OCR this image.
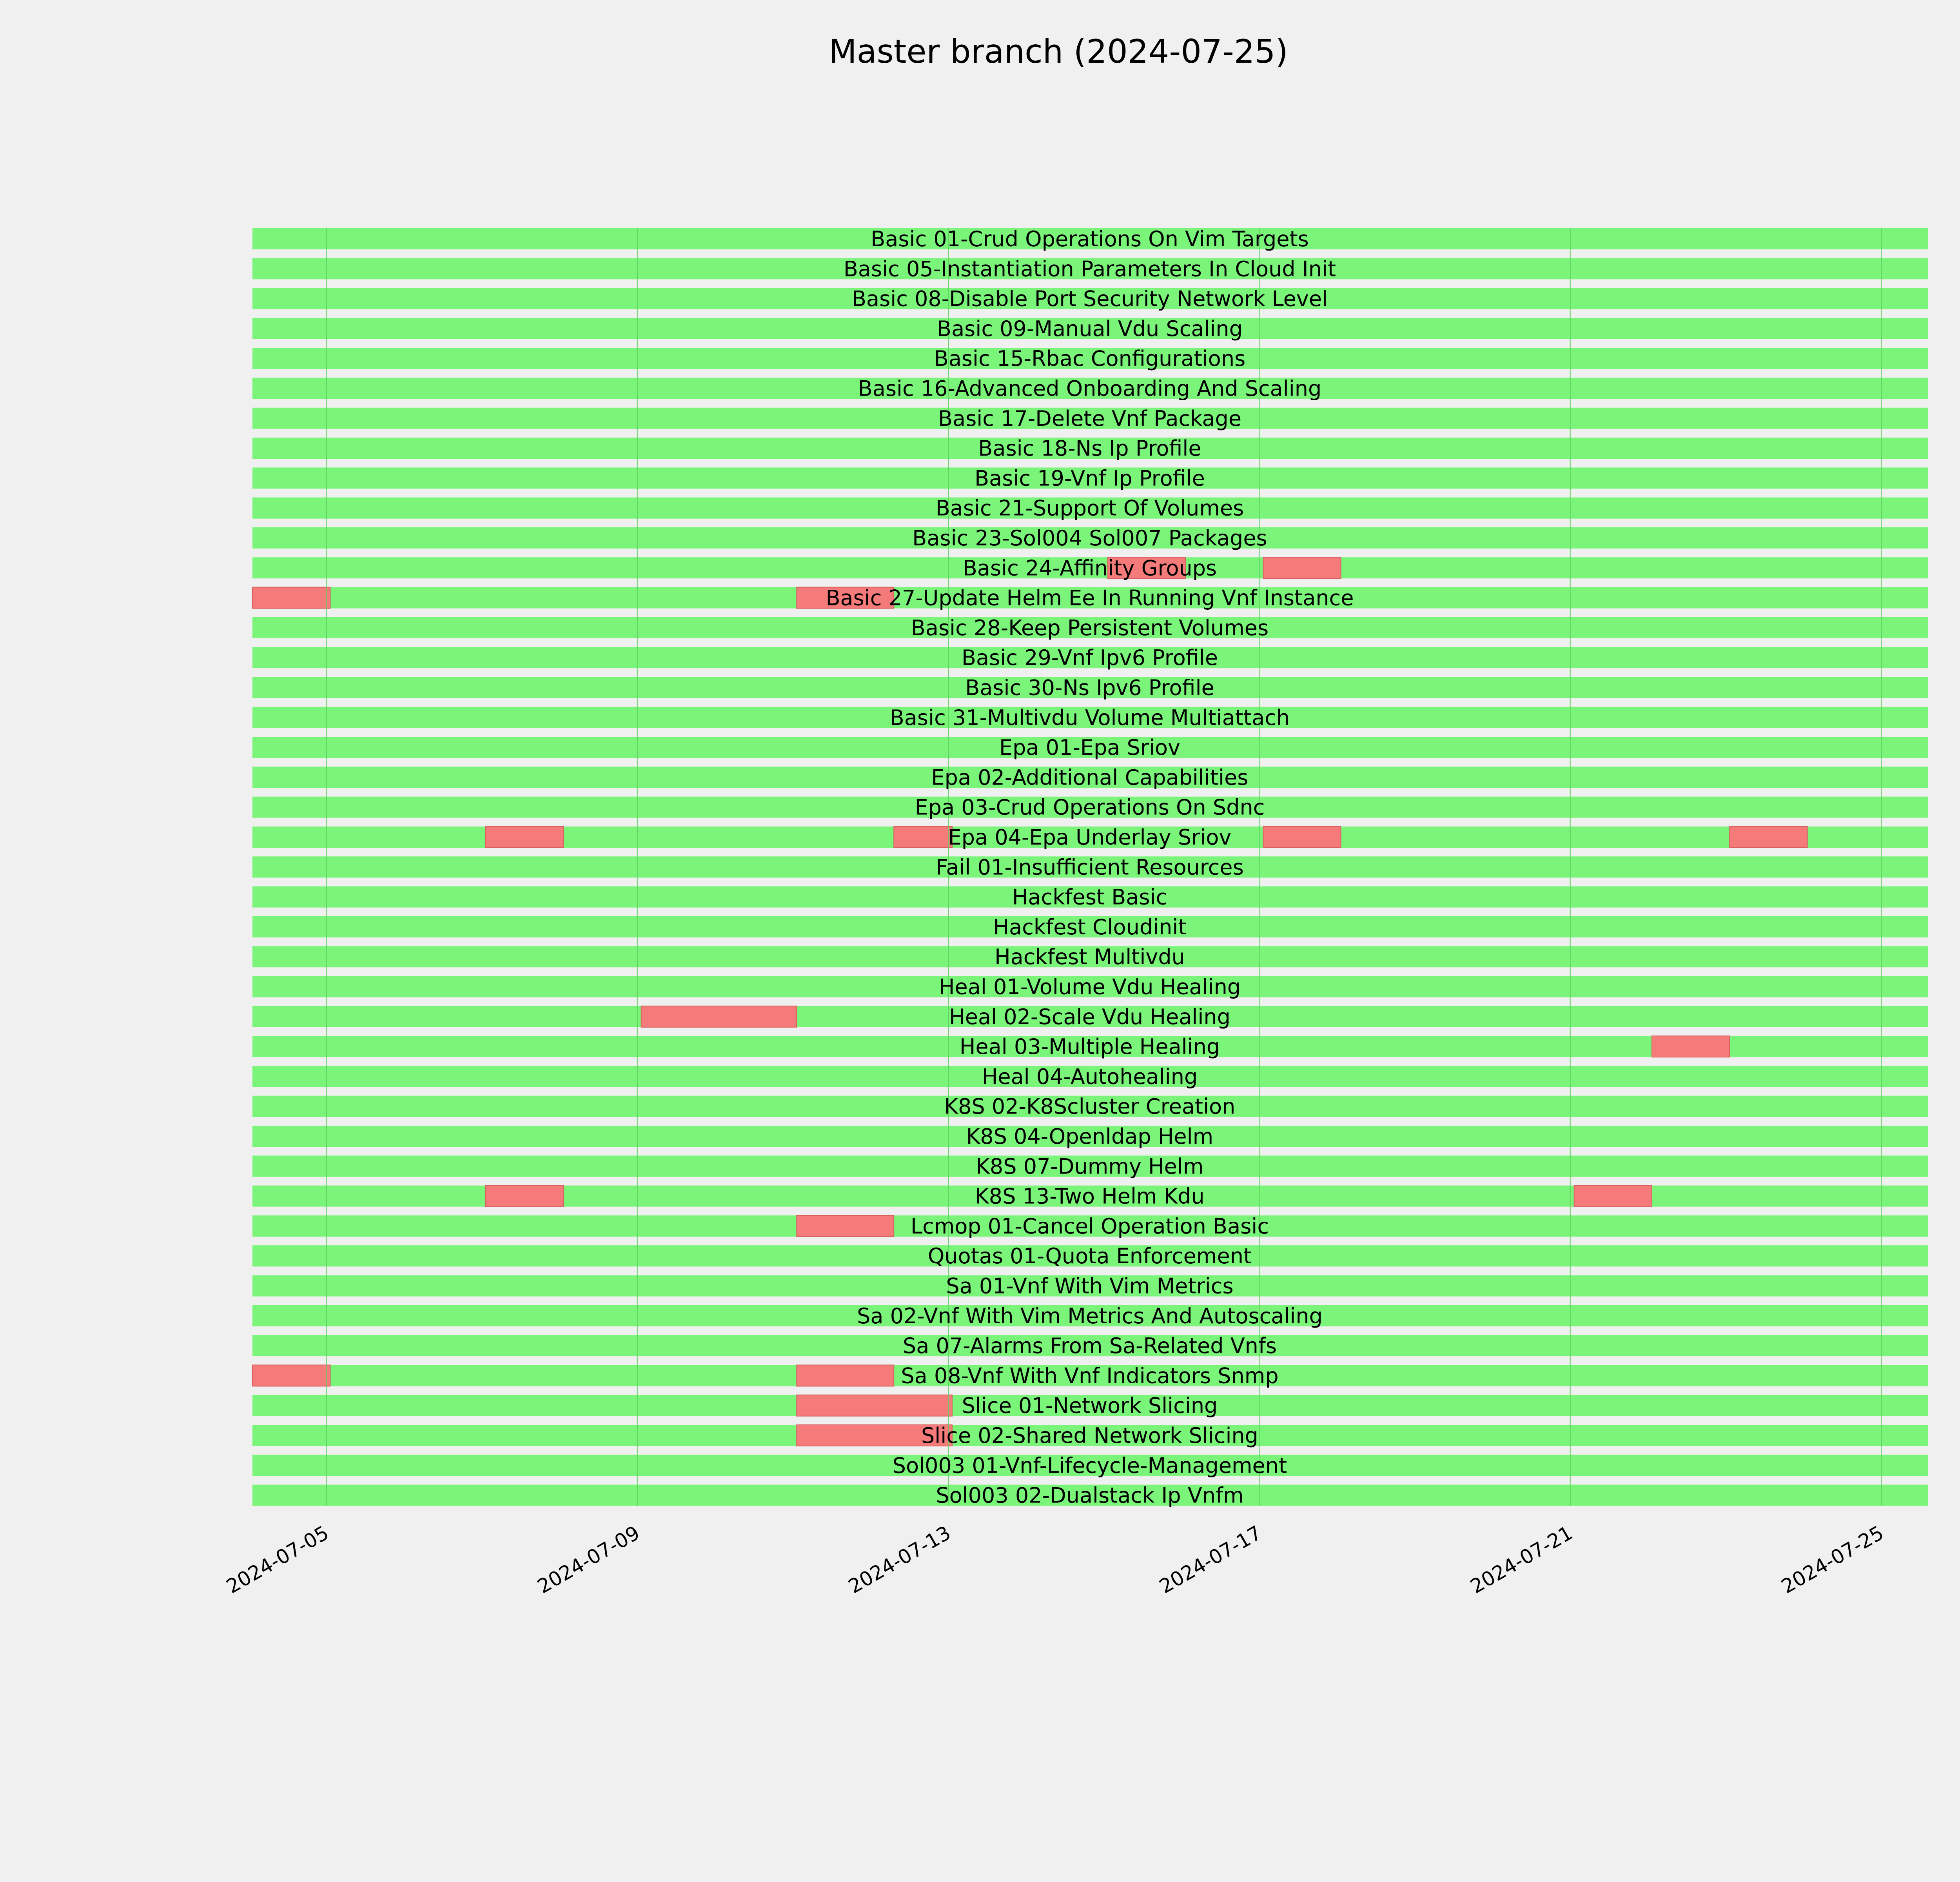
Master branch (2024-07-25)
Basic 01-Crud Operations On Vim Targets
Basic 05-Instantiation Parameters In Cloud Init
Basic 08-Disable Port Security Network Level
Basic 09-Manual Vdu Scaling
Basic 15-Rbac Configurations
Basic 16-Advanced Onboarding And Scaling
Basic 17-Delete Vnf Package
Basic 18-Ns Ip Profile
Basic 19-Vnf Ip Profile
Basic 21-Support Of Volumes
Basic 23-Sol004 Sol007 Packages
Basic 24-Affinity Groups
Basic 27-Update Helm Ee In Running Vnf Instance
Basic 28-Keep Persistent Volumes
Basic 29-Vnf Ipv6 Profile
Basic 30-Ns Ipv6 Profile
Basic 31-Multivdu Volume Multiattach
Epa 01-Epa Sriov
Epa 02-Additional Capabilities
Epa 03-Crud Operations On Sdnc
Epa 04-Epa Underlay Sriov
Fail 01-Insufficient Resources
Hackfest Basic
Hackfest Cloudinit
Hackfest Multivdu
Heal 01-Volume Vdu Healing
Heal 02-Scale Vdu Healing
Heal 03-Multiple Healing
Heal 04-Autohealing
K8S 02-K8Scluster Creation
K8S 04-Openldap Helm
K8S 07-Dummy Helm
K8S 13-Two Helm Kdu
Lcmop 01-Cancel Operation Basic
Quotas 01-Quota Enforcement
Sa 01-Vnf With Vim Metrics
Sa 02-Vnf With Vim Metrics And Autoscaling
Sa 07-Alarms From Sa-Related Vnfs
Sa 08-Vnf With Vnf Indicators Snmp
Slice 01-Network Slicing
Slice 02-Shared Network Slicing
Sol003 01-Vnf-Lifecycle-Management
Sol003 02-Dualstack Ip Vnfm
2024-07-05	2024-07-09	2024-07-13	2024-07-17	2024-07-21	2024-07-25
